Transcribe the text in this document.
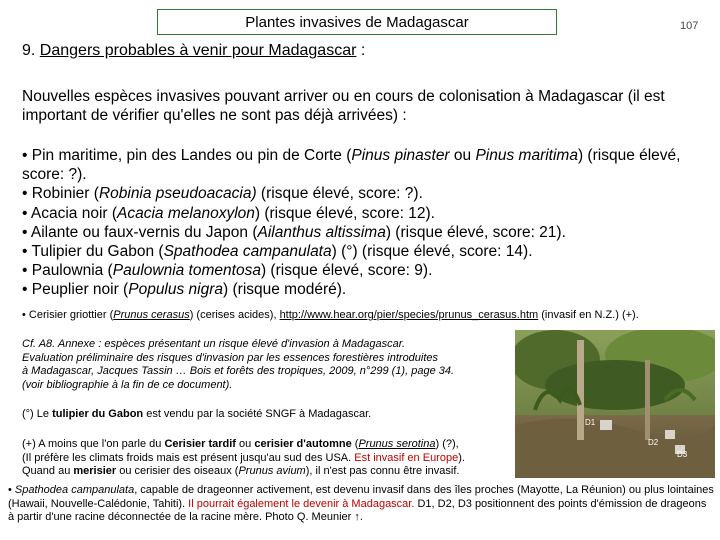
Plantes invasives de Madagascar	107
9. Dangers probables à venir pour Madagascar :
Nouvelles espèces invasives pouvant arriver ou en cours de colonisation à Madagascar (il est important de vérifier qu'elles ne sont pas déjà arrivées) :
• Pin maritime, pin des Landes ou pin de Corte (Pinus pinaster ou Pinus maritima) (risque élevé, score: ?).
• Robinier (Robinia pseudoacacia) (risque élevé, score: ?).
• Acacia noir (Acacia melanoxylon) (risque élevé, score: 12).
• Ailante ou faux-vernis du Japon (Ailanthus altissima) (risque élevé, score: 21).
• Tulipier du Gabon (Spathodea campanulata) (°) (risque élevé, score: 14).
• Paulownia (Paulownia tomentosa) (risque élevé, score: 9).
• Peuplier noir (Populus nigra) (risque modéré).
• Cerisier griottier (Prunus cerasus) (cerises acides), http://www.hear.org/pier/species/prunus_cerasus.htm (invasif en N.Z.) (+).
Cf. A8. Annexe : espèces présentant un risque élevé d'invasion à Madagascar.
Evaluation préliminaire des risques d'invasion par les essences forestières introduites
à Madagascar, Jacques Tassin … Bois et forêts des tropiques, 2009, n°299 (1), page 34.
(voir bibliographie à la fin de ce document).
(°) Le tulipier du Gabon est vendu par la société SNGF à Madagascar.
(+) A moins que l'on parle du Cerisier tardif ou cerisier d'automne (Prunus serotina) (?),
(Il préfère les climats froids mais est présent jusqu'au sud des USA. Est invasif en Europe).
Quand au merisier ou cerisier des oiseaux (Prunus avium), il n'est pas connu être invasif.
• Spathodea campanulata, capable de drageonner activement, est devenu invasif dans des îles proches (Mayotte, La Réunion) ou plus lointaines (Hawaii, Nouvelle-Calédonie, Tahiti). Il pourrait également le devenir à Madagascar. D1, D2, D3 positionnent des points d'émission de drageons à partir d'une racine déconnectée de la racine mère. Photo Q. Meunier ↑.
D1
D2
D3
